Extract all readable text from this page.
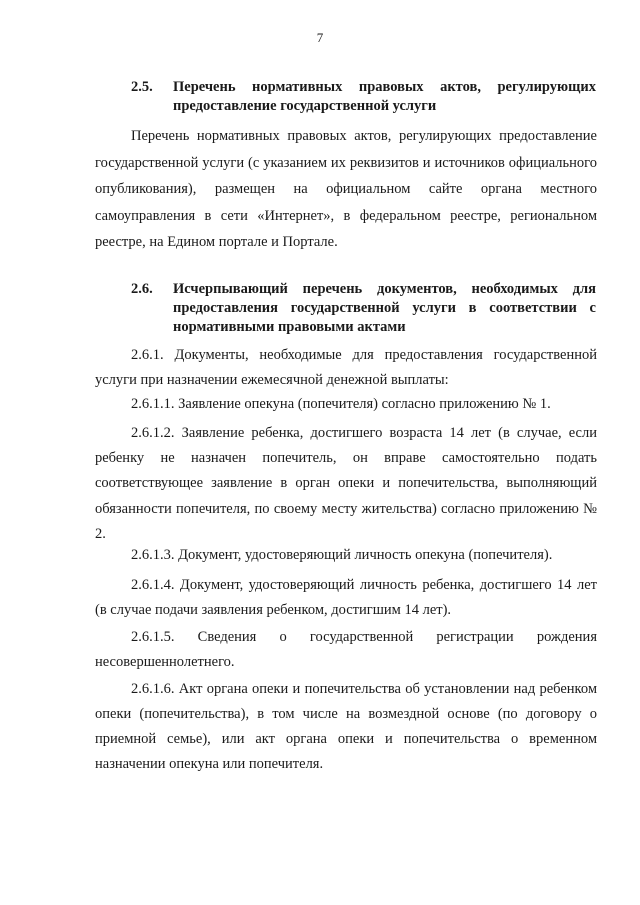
7
2.5.	Перечень нормативных правовых актов, регулирующих предоставление государственной услуги

Перечень нормативных правовых актов, регулирующих предоставление государственной услуги (с указанием их реквизитов и источников официального опубликования), размещен на официальном сайте органа местного самоуправления в сети «Интернет», в федеральном реестре, региональном реестре, на Едином портале и Портале.

2.6.	Исчерпывающий перечень документов, необходимых для предоставления государственной услуги в соответствии с нормативными правовыми актами

2.6.1. Документы, необходимые для предоставления государственной услуги при назначении ежемесячной денежной выплаты:

2.6.1.1. Заявление опекуна (попечителя) согласно приложению № 1.

2.6.1.2. Заявление ребенка, достигшего возраста 14 лет (в случае, если ребенку не назначен попечитель, он вправе самостоятельно подать соответствующее заявление в орган опеки и попечительства, выполняющий обязанности попечителя, по своему месту жительства) согласно приложению № 2.

2.6.1.3. Документ, удостоверяющий личность опекуна (попечителя).

2.6.1.4. Документ, удостоверяющий личность ребенка, достигшего 14 лет (в случае подачи заявления ребенком, достигшим 14 лет).

2.6.1.5. Сведения о государственной регистрации рождения несовершеннолетнего.

2.6.1.6. Акт органа опеки и попечительства об установлении над ребенком опеки (попечительства), в том числе на возмездной основе (по договору о приемной семье), или акт органа опеки и попечительства о временном назначении опекуна или попечителя.
